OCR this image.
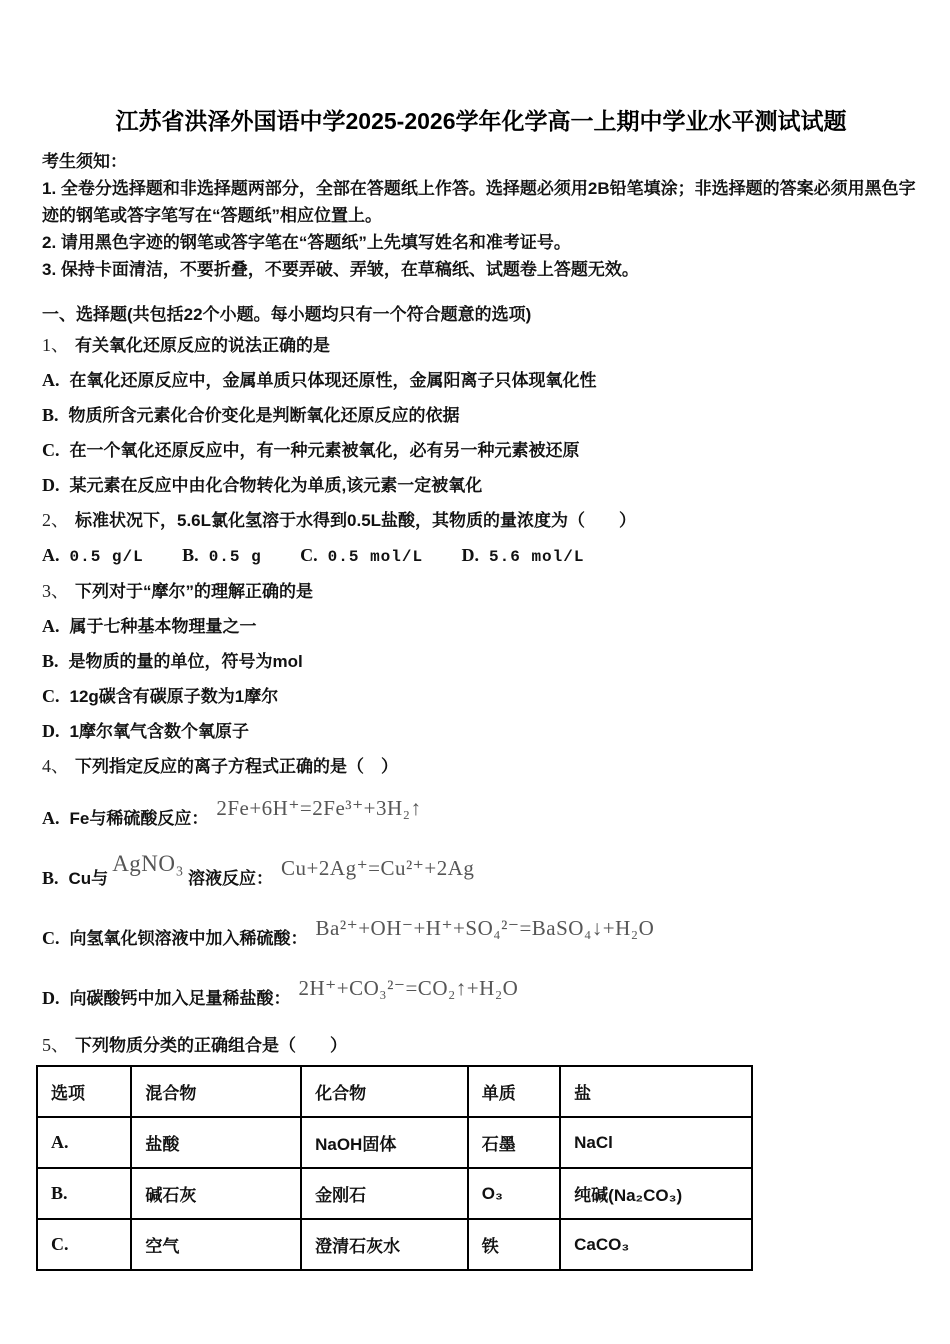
江苏省洪泽外国语中学2025-2026学年化学高一上期中学业水平测试试题
考生须知：
1. 全卷分选择题和非选择题两部分，全部在答题纸上作答。选择题必须用2B铅笔填涂；非选择题的答案必须用黑色字迹的钢笔或答字笔写在“答题纸”相应位置上。
2. 请用黑色字迹的钢笔或答字笔在“答题纸”上先填写姓名和准考证号。
3. 保持卡面清洁，不要折叠，不要弄破、弄皱，在草稿纸、试题卷上答题无效。
一、选择题(共包括22个小题。每小题均只有一个符合题意的选项)
1、 有关氧化还原反应的说法正确的是
A. 在氧化还原反应中，金属单质只体现还原性，金属阳离子只体现氧化性
B. 物质所含元素化合价变化是判断氧化还原反应的依据
C. 在一个氧化还原反应中，有一种元素被氧化，必有另一种元素被还原
D. 某元素在反应中由化合物转化为单质,该元素一定被氧化
2、 标准状况下，5.6L氯化氢溶于水得到0.5L盐酸，其物质的量浓度为（　　）
A. 0.5 g/L B. 0.5 g C. 0.5 mol/L D. 5.6 mol/L
3、 下列对于“摩尔”的理解正确的是
A. 属于七种基本物理量之一
B. 是物质的量的单位，符号为mol
C. 12g碳含有碳原子数为1摩尔
D. 1摩尔氧气含数个氧原子
4、 下列指定反应的离子方程式正确的是（　）
A. Fe与稀硫酸反应： 2Fe+6H⁺=2Fe³⁺+3H₂↑
B. Cu与AgNO₃溶液反应： Cu+2Ag⁺=Cu²⁺+2Ag
C. 向氢氧化钡溶液中加入稀硫酸： Ba²⁺+OH⁻+H⁺+SO₄²⁻=BaSO₄↓+H₂O
D. 向碳酸钙中加入足量稀盐酸： 2H⁺+CO₃²⁻=CO₂↑+H₂O
5、 下列物质分类的正确组合是（　　）
选项	混合物	化合物	单质	盐
A.	盐酸	NaOH固体	石墨	NaCl
B.	碱石灰	金刚石	O₃	纯碱(Na₂CO₃)
C.	空气	澄清石灰水	铁	CaCO₃
